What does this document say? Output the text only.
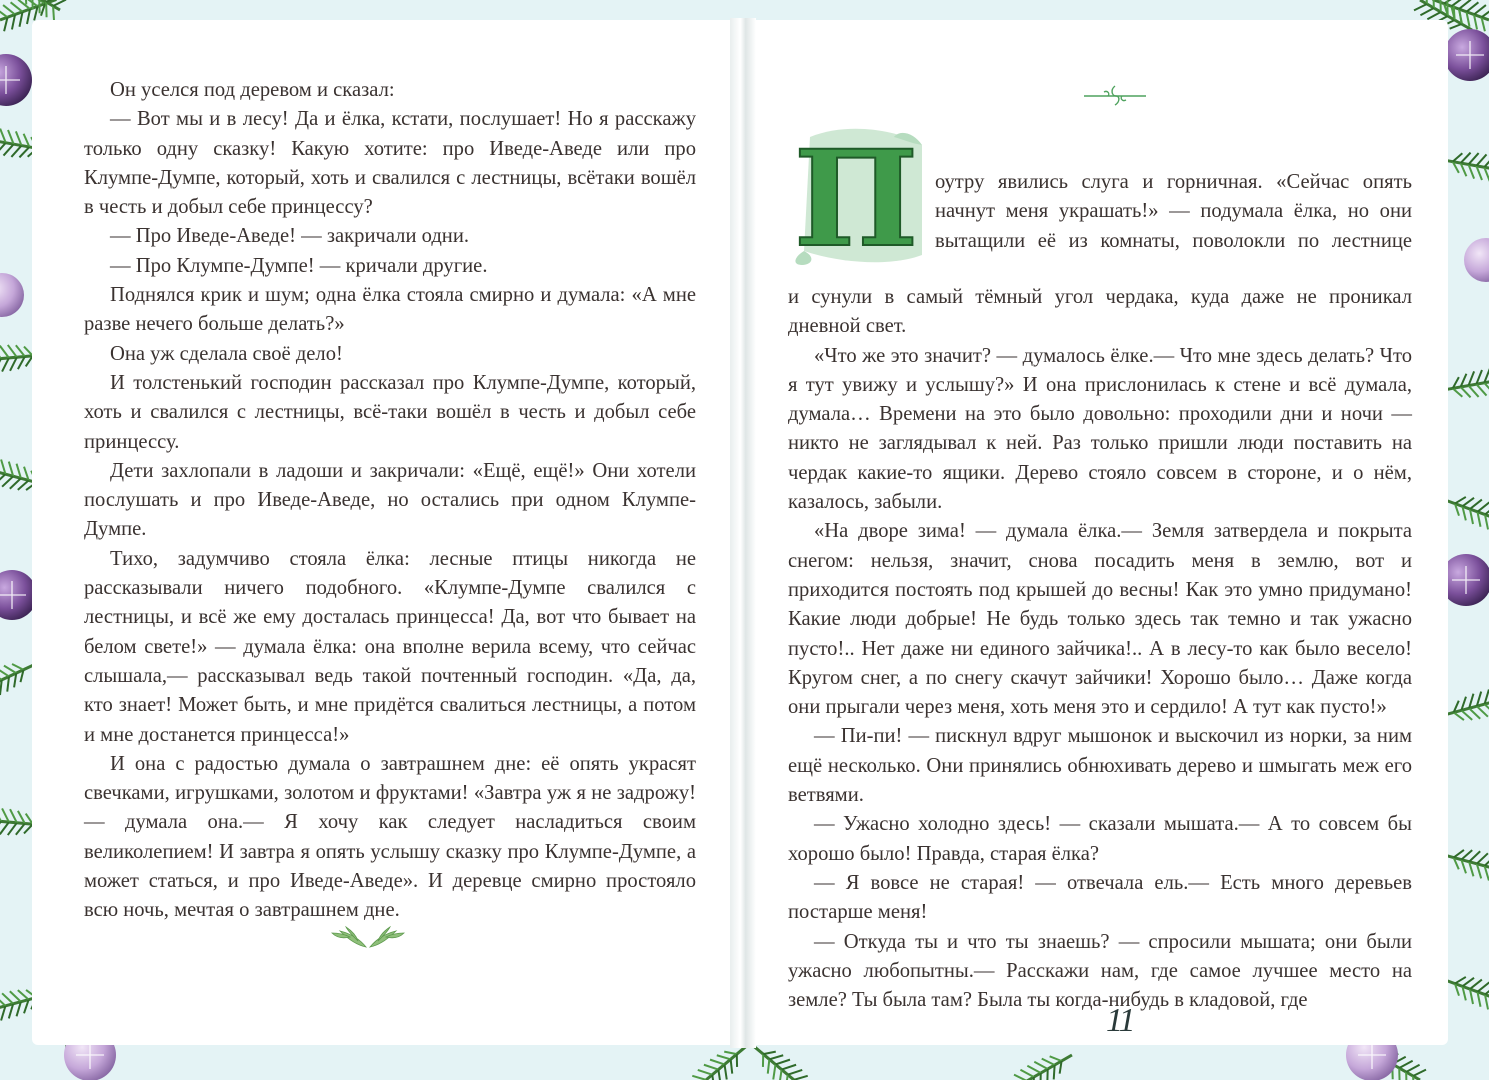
Он уселся под деревом и сказал:

— Вот мы и в лесу! Да и ёлка, кстати, послушает! Но я расскажу только одну сказку! Какую хотите: про Иведе-Аведе или про Клумпе-Думпе, который, хоть и свалился с лестницы, всётаки вошёл в честь и добыл себе принцессу?

— Про Иведе-Аведе! — закричали одни.

— Про Клумпе-Думпе! — кричали другие.

Поднялся крик и шум; одна ёлка стояла смирно и думала: «А мне разве нечего больше делать?»

Она уж сделала своё дело!

И толстенький господин рассказал про Клумпе-Думпе, который, хоть и свалился с лестницы, всё-таки вошёл в честь и добыл себе принцессу.

Дети захлопали в ладоши и закричали: «Ещё, ещё!» Они хотели послушать и про Иведе-Аведе, но остались при одном Клумпе-Думпе.

Тихо, задумчиво стояла ёлка: лесные птицы никогда не рассказывали ничего подобного. «Клумпе-Думпе свалился с лестницы, и всё же ему досталась принцесса! Да, вот что бывает на белом свете!» — думала ёлка: она вполне верила всему, что сейчас слышала,— рассказывал ведь такой почтенный господин. «Да, да, кто знает! Может быть, и мне придётся свалиться лестницы, а потом и мне достанется принцесса!»

И она с радостью думала о завтрашнем дне: её опять украсят свечками, игрушками, золотом и фруктами! «Завтра уж я не задрожу! — думала она.— Я хочу как следует насладиться своим великолепием! И завтра я опять услышу сказку про Клумпе-Думпе, а может статься, и про Иведе-Аведе». И деревце смирно простояло всю ночь, мечтая о завтрашнем дне.

П оутру явились слуга и горничная. «Сейчас опять

начнут меня украшать!» — подумала ёлка, но они

вытащили её из комнаты, поволокли по лестнице

и сунули в самый тёмный угол чердака, куда даже не проникал дневной свет.

«Что же это значит? — думалось ёлке.— Что мне здесь делать? Что я тут увижу и услышу?» И она прислонилась к стене и всё думала, думала… Времени на это было довольно: проходили дни и ночи — никто не заглядывал к ней. Раз только пришли люди поставить на чердак какие-то ящики. Дерево стояло совсем в стороне, и о нём, казалось, забыли.

«На дворе зима! — думала ёлка.— Земля затвердела и покрыта снегом: нельзя, значит, снова посадить меня в землю, вот и приходится постоять под крышей до весны! Как это умно придумано! Какие люди добрые! Не будь только здесь так темно и так ужасно пусто!.. Нет даже ни единого зайчика!.. А в лесу-то как было весело! Кругом снег, а по снегу скачут зайчики! Хорошо было… Даже когда они прыгали через меня, хоть меня это и сердило! А тут как пусто!»

— Пи-пи! — пискнул вдруг мышонок и выскочил из норки, за ним ещё несколько. Они принялись обнюхивать дерево и шмыгать меж его ветвями.

— Ужасно холодно здесь! — сказали мышата.— А то совсем бы хорошо было! Правда, старая ёлка?

— Я вовсе не старая! — отвечала ель.— Есть много деревьев постарше меня!

— Откуда ты и что ты знаешь? — спросили мышата; они были ужасно любопытны.— Расскажи нам, где самое лучшее место на земле? Ты была там? Была ты когда-нибудь в кладовой, где

11
